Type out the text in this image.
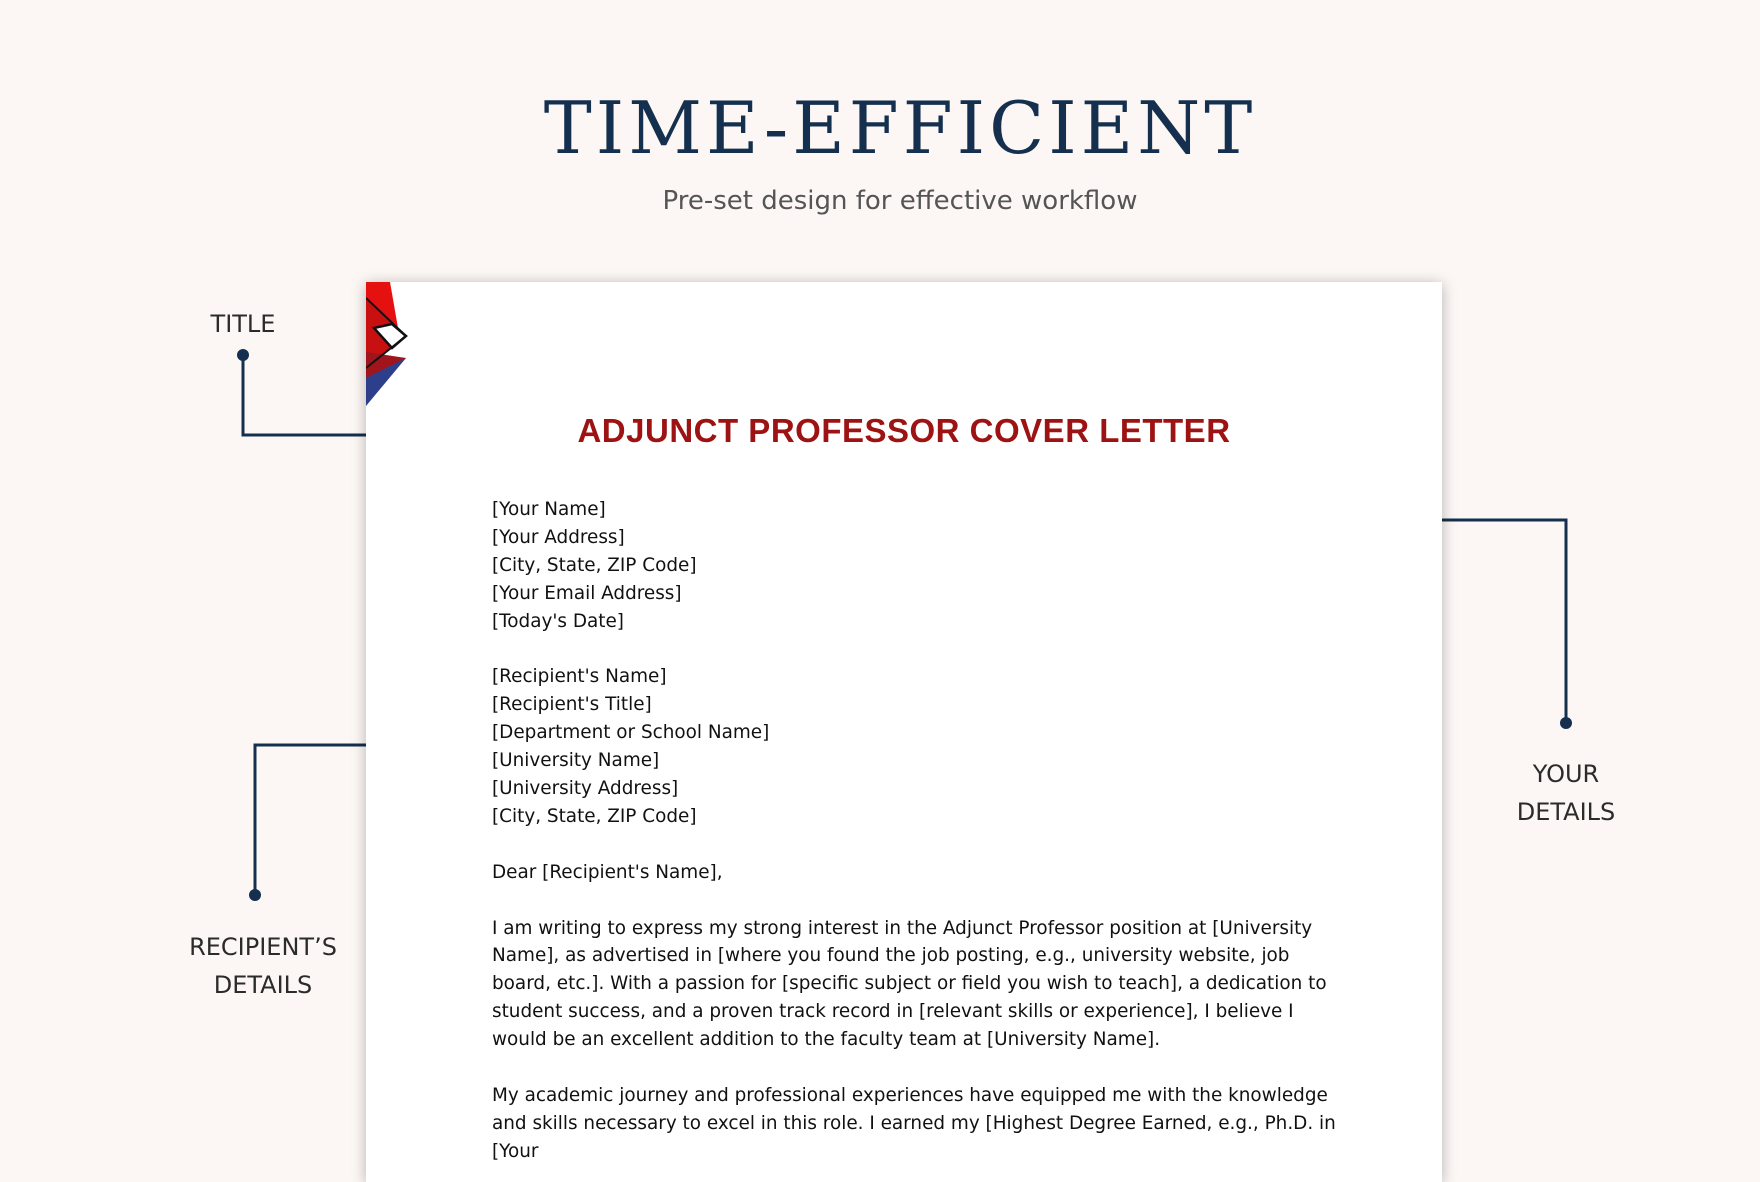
TIME-EFFICIENT
Pre-set design for effective workflow
TITLE
YOUR
DETAILS
RECIPIENT’S
DETAILS
ADJUNCT PROFESSOR COVER LETTER
[Your Name]
[Your Address]
[City, State, ZIP Code]
[Your Email Address]
[Today's Date]
[Recipient's Name]
[Recipient's Title]
[Department or School Name]
[University Name]
[University Address]
[City, State, ZIP Code]
Dear [Recipient's Name],
I am writing to express my strong interest in the Adjunct Professor position at [University Name], as advertised in [where you found the job posting, e.g., university website, job board, etc.]. With a passion for [specific subject or field you wish to teach], a dedication to student success, and a proven track record in [relevant skills or experience], I believe I would be an excellent addition to the faculty team at [University Name].
My academic journey and professional experiences have equipped me with the knowledge and skills necessary to excel in this role. I earned my [Highest Degree Earned, e.g., Ph.D. in [Your
